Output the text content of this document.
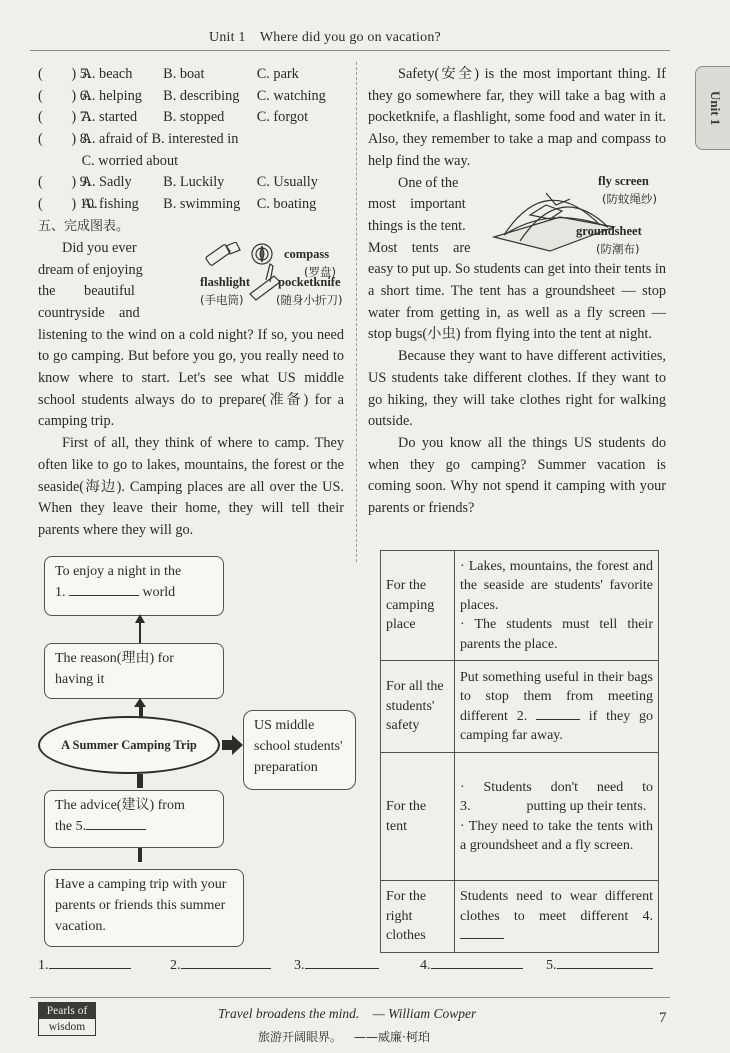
Unit 1 Where did you go on vacation?
Unit 1
(  ) 5. A. beach B. boat	C. park
(  ) 6. A. helping B. describing C. watching
(  ) 7. A. started B. stopped C. forgot
(  ) 8. A. afraid of B. interested in
C. worried about
(  ) 9. A. Sadly B. Luckily C. Usually
(  ) 10. A. fishing B. swimming C. boating
五、完成图表。
compass
(罗盘)
flashlight
(手电筒)
pocketknife
(随身小折刀)
Did you ever
dream of enjoying
the  beautiful
countryside and
listening to the wind on a cold night? If so, you need to go camping. But before you go, you really need to know where to start. Let's see what US middle school students always do to prepare(准备) for a camping trip.

First of all, they think of where to camp. They often like to go to lakes, mountains, the forest or the seaside(海边). Camping places are all over the US. When they leave their home, they will tell their parents where they will go.

Safety(安全) is the most important thing. If they go somewhere far, they will take a bag with a pocketknife, a flashlight, some food and water in it. Also, they remember to take a map and compass to help find the way.

fly screen
(防蚊绳纱)
groundsheet
(防潮布)
One of the
most important
things is the tent.
Most tents are
easy to put up. So students can get into their tents in a short time. The tent has a groundsheet — stop water from getting in, as well as a fly screen — stop bugs(小虫) from flying into the tent at night.

Because they want to have different activities, US students take different clothes. If they want to go hiking, they will take clothes right for walking outside.

Do you know all the things US students do when they go camping? Summer vacation is coming soon. Why not spend it camping with your parents or friends?

To enjoy a night in the
1.	world
The reason(理由) for having it
A Summer Camping Trip
US middle school students' preparation
The advice(建议) from
the 5.
Have a camping trip with your parents or friends this summer vacation.
For the camping place	· Lakes, mountains, the forest and the seaside are students' favorite places.
· The students must tell their parents the place.

For all the students' safety	Put something useful in their bags to stop them from meeting different 2. if they go camping far away.
For the tent	· Students don't need to 3.    putting up their tents.
· They need to take the tents with a groundsheet and a fly screen.

For the right clothes	Students need to wear different clothes to meet different 4.
1.	2.	3.	4.	5.
Pearls of
wisdom
Travel broadens the mind. — William Cowper
旅游开阔眼界。 ——威廉·柯珀
7
